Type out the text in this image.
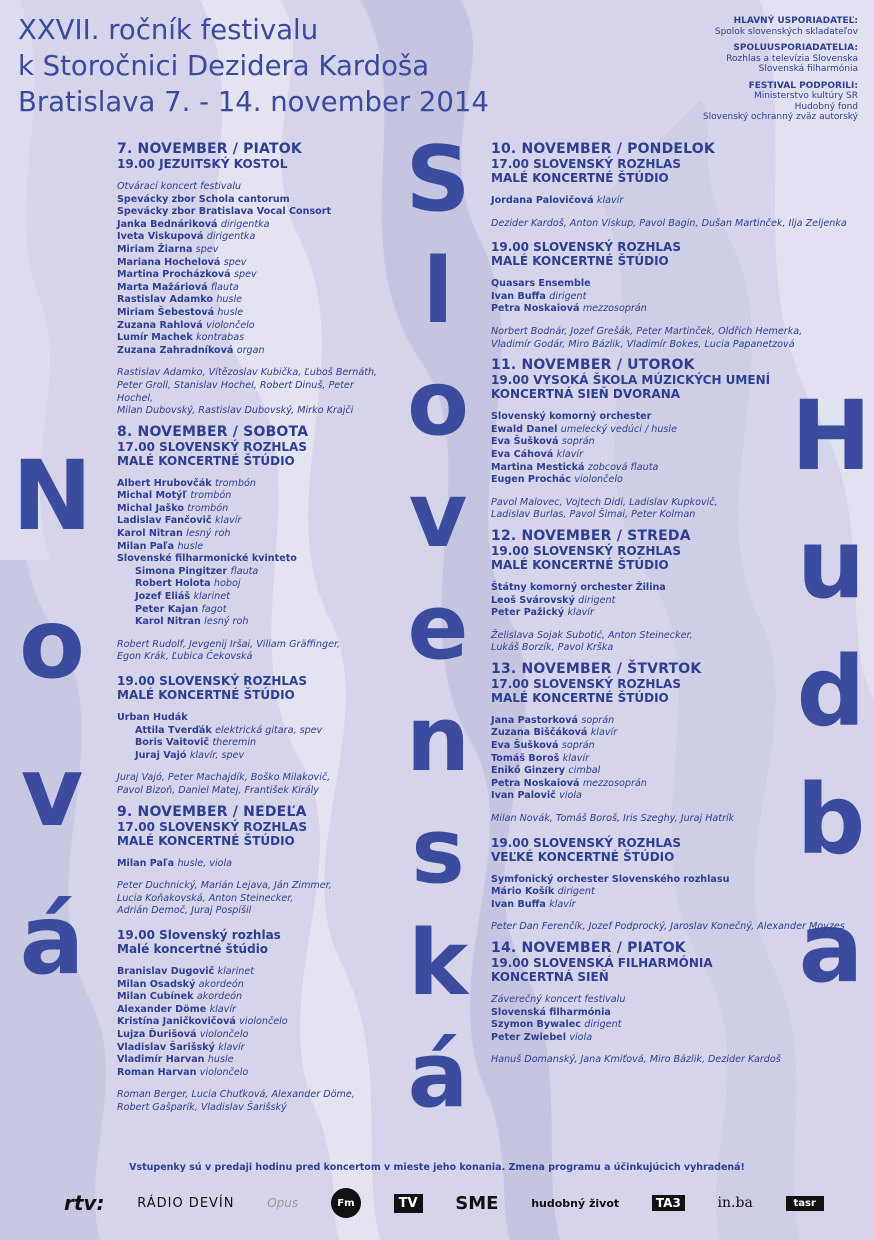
XXVII. ročník festivalu
k Storočnici Dezidera Kardoša
Bratislava 7. - 14. november 2014
HLAVNÝ USPORIADATEĽ:
Spolok slovenských skladateľov
SPOLUUSPORIADATELIA:
Rozhlas a televízia Slovenska
Slovenská filharmónia
FESTIVAL PODPORILI:
Ministerstvo kultúry SR
Hudobný fond
Slovenský ochranný zväz autorský
N
o
v
á
S
l
o
v
e
n
s
k
á
H
u
d
b
a
7. NOVEMBER / PIATOK
19.00 JEZUITSKÝ KOSTOL
Otvárací koncert festivalu
Spevácky zbor Schola cantorum
Spevácky zbor Bratislava Vocal Consort
Janka Bednáriková dirigentka
Iveta Viskupová dirigentka
Miriam Žiarna spev
Mariana Hochelová spev
Martina Procházková spev
Marta Mažáriová flauta
Rastislav Adamko husle
Miriam Šebestová husle
Zuzana Rahlová violončelo
Lumír Machek kontrabas
Zuzana Zahradníková organ
Rastislav Adamko, Vítězoslav Kubička, Ľuboš Bernáth,
Peter Groll, Stanislav Hochel, Robert Dinuš, Peter Hochel,
Milan Dubovský, Rastislav Dubovský, Mirko Krajči
8. NOVEMBER / SOBOTA
17.00 SLOVENSKÝ ROZHLAS
MALÉ KONCERTNÉ ŠTÚDIO
Albert Hrubovčák trombón
Michal Motýľ trombón
Michal Jaško trombón
Ladislav Fančovič klavír
Karol Nitran lesný roh
Milan Paľa husle
Slovenské filharmonické kvinteto
Simona Pingitzer flauta
Robert Holota hoboj
Jozef Eliáš klarinet
Peter Kajan fagot
Karol Nitran lesný roh
Robert Rudolf, Jevgenij Iršai, Viliam Gräffinger,
Egon Krák, Ľubica Čekovská
19.00 SLOVENSKÝ ROZHLAS
MALÉ KONCERTNÉ ŠTÚDIO
Urban Hudák
Attila Tverďák elektrická gitara, spev
Boris Vaitovič theremin
Juraj Vajó klavír, spev
Juraj Vajó, Peter Machajdík, Boško Milakovič,
Pavol Bizoň, Daniel Matej, František Király
9. NOVEMBER / NEDEĽA
17.00 SLOVENSKÝ ROZHLAS
MALÉ KONCERTNÉ ŠTÚDIO
Milan Paľa husle, viola
Peter Duchnický, Marián Lejava, Ján Zimmer,
Lucia Koňakovská, Anton Steinecker,
Adrián Demoč, Juraj Pospíšil
19.00 Slovenský rozhlas
Malé koncertné štúdio
Branislav Dugovič klarinet
Milan Osadský akordeón
Milan Cubínek akordeón
Alexander Döme klavír
Kristína Janičkovičová violončelo
Lujza Ďurišová violončelo
Vladislav Šarišský klavír
Vladimír Harvan husle
Roman Harvan violončelo
Roman Berger, Lucia Chuťková, Alexander Döme,
Robert Gašparík, Vladislav Šarišský
10. NOVEMBER / PONDELOK
17.00 SLOVENSKÝ ROZHLAS
MALÉ KONCERTNÉ ŠTÚDIO
Jordana Palovičová klavír
Dezider Kardoš, Anton Viskup, Pavol Bagin, Dušan Martinček, Ilja Zeljenka
19.00 SLOVENSKÝ ROZHLAS
MALÉ KONCERTNÉ ŠTÚDIO
Quasars Ensemble
Ivan Buffa dirigent
Petra Noskaiová mezzosoprán
Norbert Bodnár, Jozef Grešák, Peter Martinček, Oldřich Hemerka,
Vladimír Godár, Miro Bázlik, Vladimír Bokes, Lucia Papanetzová
11. NOVEMBER / UTOROK
19.00 VYSOKÁ ŠKOLA MÚZICKÝCH UMENÍ
KONCERTNÁ SIEŇ DVORANA
Slovenský komorný orchester
Ewald Danel umelecký vedúci / husle
Eva Šušková soprán
Eva Cáhová klavír
Martina Mestická zobcová flauta
Eugen Prochác violončelo
Pavol Malovec, Vojtech Didi, Ladislav Kupkovič,
Ladislav Burlas, Pavol Šimai, Peter Kolman
12. NOVEMBER / STREDA
19.00 SLOVENSKÝ ROZHLAS
MALÉ KONCERTNÉ ŠTÚDIO
Štátny komorný orchester Žilina
Leoš Svárovský dirigent
Peter Pažický klavír
Želislava Sojak Subotić, Anton Steinecker,
Lukáš Borzík, Pavol Krška
13. NOVEMBER / ŠTVRTOK
17.00 SLOVENSKÝ ROZHLAS
MALÉ KONCERTNÉ ŠTÚDIO
Jana Pastorková soprán
Zuzana Biščáková klavír
Eva Šušková soprán
Tomáš Boroš klavír
Enikő Ginzery cimbal
Petra Noskaiová mezzosoprán
Ivan Palovič viola
Milan Novák, Tomáš Boroš, Iris Szeghy, Juraj Hatrík
19.00 SLOVENSKÝ ROZHLAS
VEĽKÉ KONCERTNÉ ŠTÚDIO
Symfonický orchester Slovenského rozhlasu
Mário Košík dirigent
Ivan Buffa klavír
Peter Dan Ferenčík, Jozef Podprocký, Jaroslav Konečný, Alexander Moyzes
14. NOVEMBER / PIATOK
19.00 SLOVENSKÁ FILHARMÓNIA
KONCERTNÁ SIEŇ
Záverečný koncert festivalu
Slovenská filharmónia
Szymon Bywalec dirigent
Peter Zwiebel viola
Hanuš Domanský, Jana Kmiťová, Miro Bázlik, Dezider Kardoš
Vstupenky sú v predaji hodinu pred koncertom v mieste jeho konania. Zmena programu a účinkujúcich vyhradená!
rtv:	RÁDIO DEVÍN	Opus	Fm	TV SME	hudobný život	TA3	in.ba	tasr
